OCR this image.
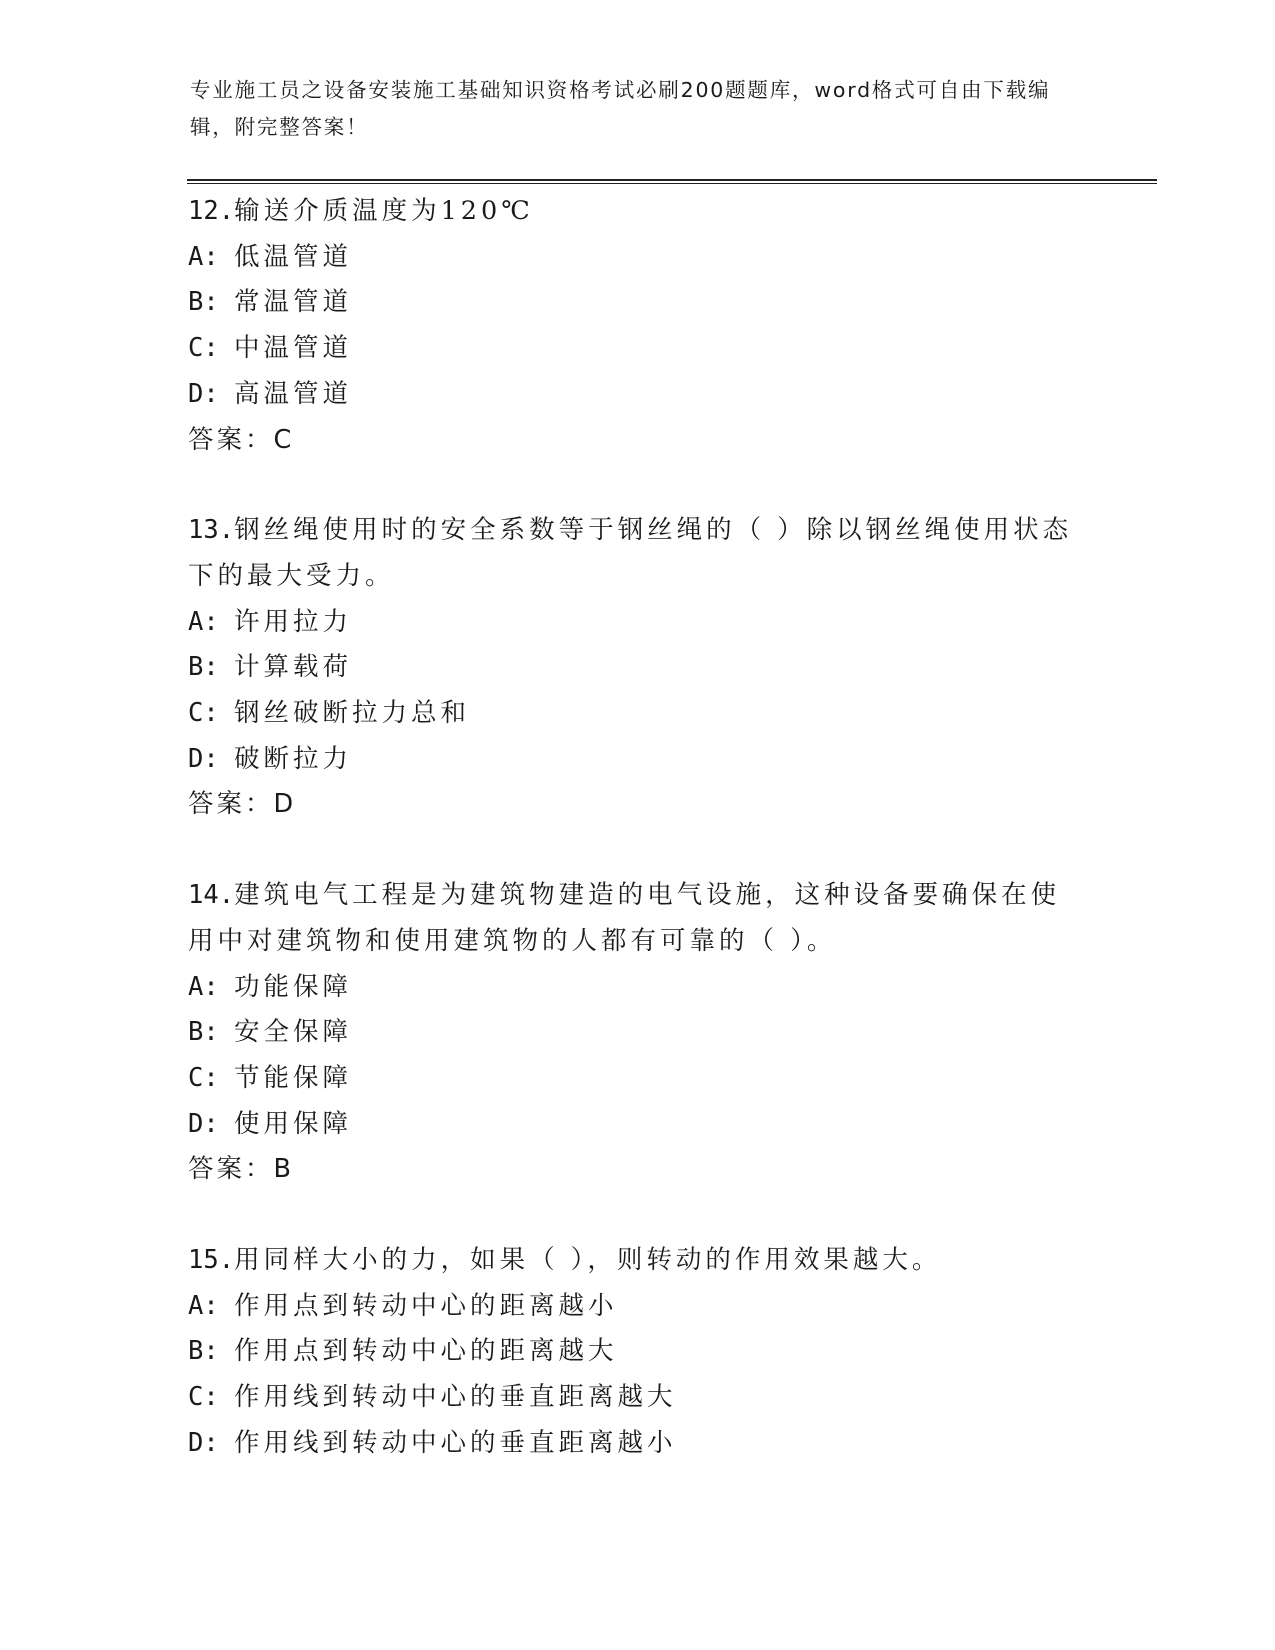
专业施工员之设备安装施工基础知识资格考试必刷200题题库，word格式可自由下载编辑，附完整答案！
12.输送介质温度为120℃
A: 低温管道
B: 常温管道
C: 中温管道
D: 高温管道
答案：C
13.钢丝绳使用时的安全系数等于钢丝绳的（ ）除以钢丝绳使用状态下的最大受力。
A: 许用拉力
B: 计算载荷
C: 钢丝破断拉力总和
D: 破断拉力
答案：D
14.建筑电气工程是为建筑物建造的电气设施，这种设备要确保在使用中对建筑物和使用建筑物的人都有可靠的（ ）。
A: 功能保障
B: 安全保障
C: 节能保障
D: 使用保障
答案：B
15.用同样大小的力，如果（ ），则转动的作用效果越大。
A: 作用点到转动中心的距离越小
B: 作用点到转动中心的距离越大
C: 作用线到转动中心的垂直距离越大
D: 作用线到转动中心的垂直距离越小
